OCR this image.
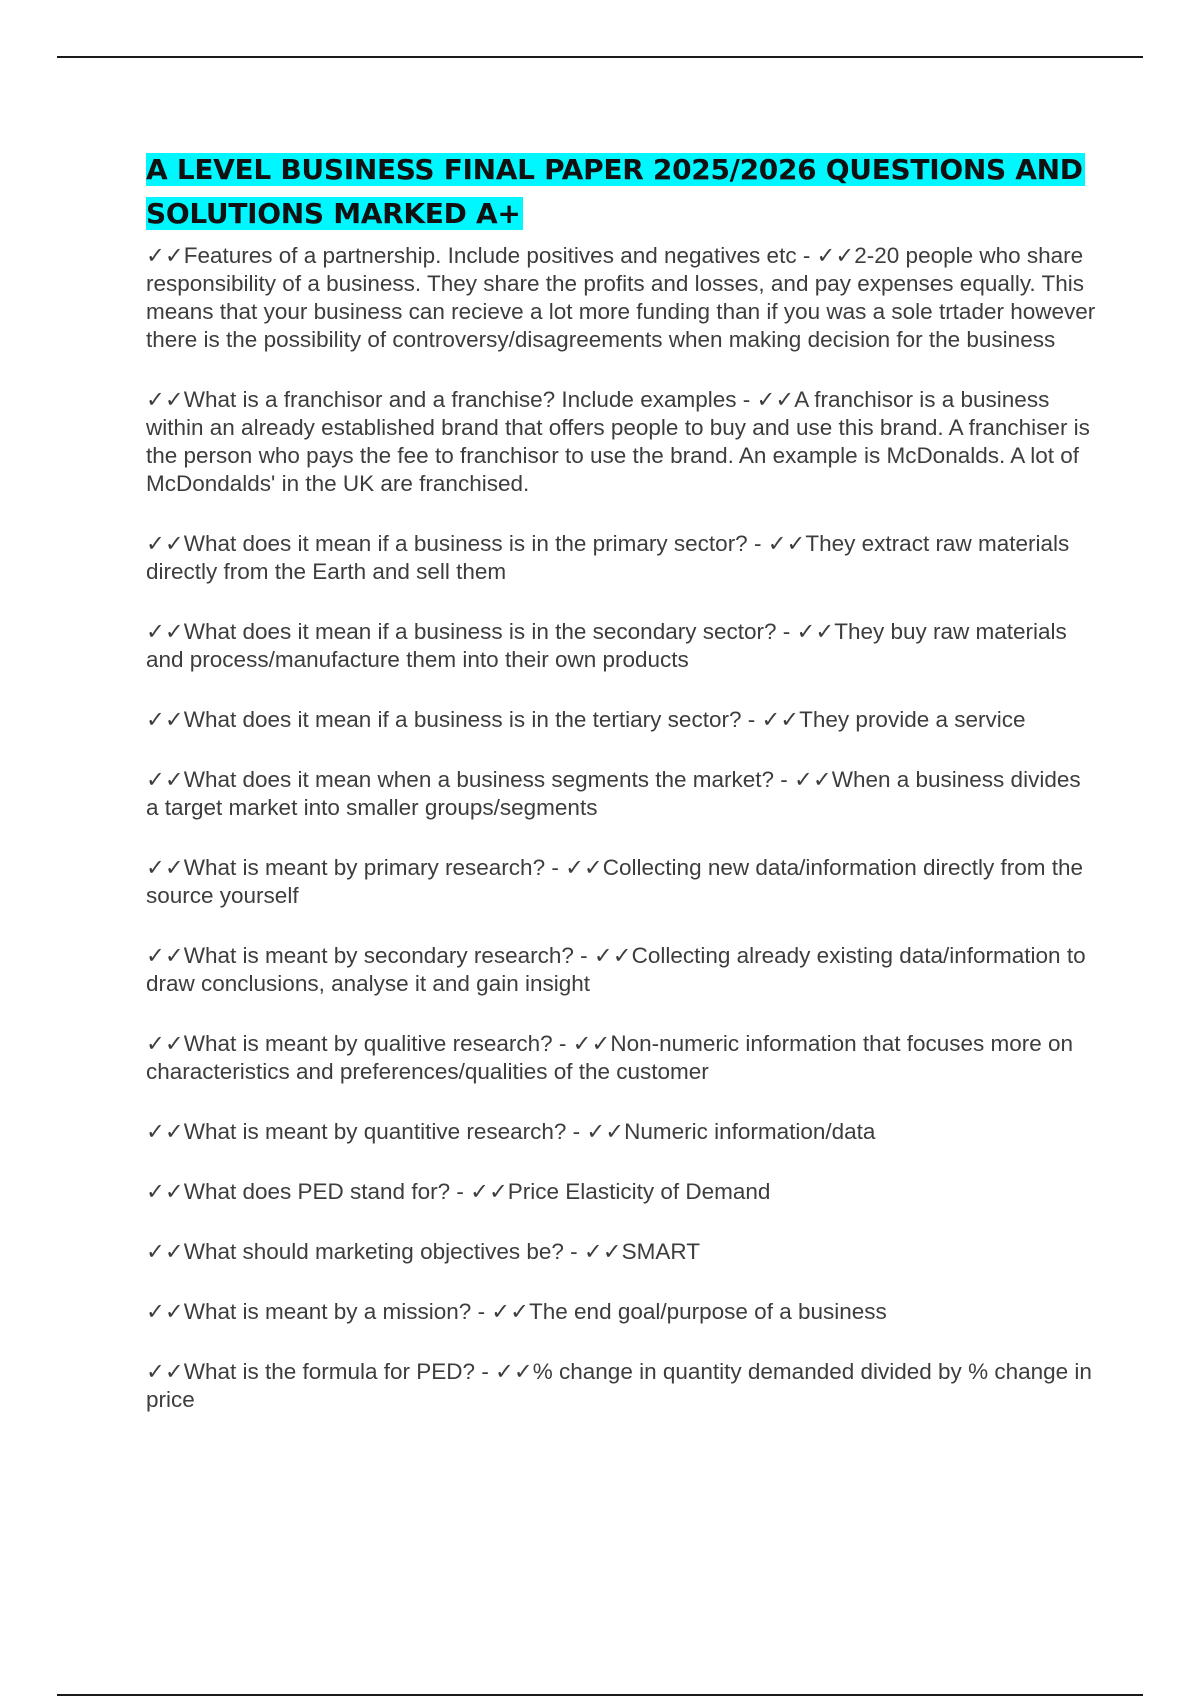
A LEVEL BUSINESS FINAL PAPER 2025/2026 QUESTIONS AND SOLUTIONS MARKED A+
✓✓Features of a partnership. Include positives and negatives etc - ✓✓2-20 people who share responsibility of a business. They share the profits and losses, and pay expenses equally. This means that your business can recieve a lot more funding than if you was a sole trtader however there is the possibility of controversy/disagreements when making decision for the business
✓✓What is a franchisor and a franchise? Include examples - ✓✓A franchisor is a business within an already established brand that offers people to buy and use this brand. A franchiser is the person who pays the fee to franchisor to use the brand. An example is McDonalds. A lot of McDondalds' in the UK are franchised.
✓✓What does it mean if a business is in the primary sector? - ✓✓They extract raw materials directly from the Earth and sell them
✓✓What does it mean if a business is in the secondary sector? - ✓✓They buy raw materials and process/manufacture them into their own products
✓✓What does it mean if a business is in the tertiary sector? - ✓✓They provide a service
✓✓What does it mean when a business segments the market? - ✓✓When a business divides a target market into smaller groups/segments
✓✓What is meant by primary research? - ✓✓Collecting new data/information directly from the source yourself
✓✓What is meant by secondary research? - ✓✓Collecting already existing data/information to draw conclusions, analyse it and gain insight
✓✓What is meant by qualitive research? - ✓✓Non-numeric information that focuses more on characteristics and preferences/qualities of the customer
✓✓What is meant by quantitive research? - ✓✓Numeric information/data
✓✓What does PED stand for? - ✓✓Price Elasticity of Demand
✓✓What should marketing objectives be? - ✓✓SMART
✓✓What is meant by a mission? - ✓✓The end goal/purpose of a business
✓✓What is the formula for PED? - ✓✓% change in quantity demanded divided by % change in price
